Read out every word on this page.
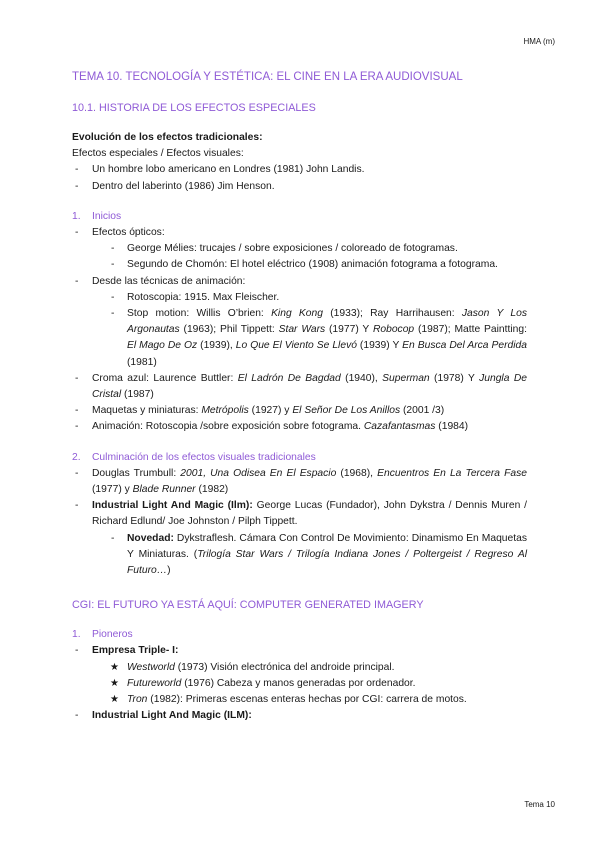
HMA (m)

TEMA 10. TECNOLOGÍA Y ESTÉTICA: EL CINE EN LA ERA AUDIOVISUAL

10.1. HISTORIA DE LOS EFECTOS ESPECIALES

Evolución de los efectos tradicionales:

Efectos especiales / Efectos visuales:

- Un hombre lobo americano en Londres (1981) John Landis.
- Dentro del laberinto (1986) Jim Henson.

1. Inicios

- Efectos ópticos:
- George Mélies: trucajes / sobre exposiciones / coloreado de fotogramas.
- Segundo de Chomón: El hotel eléctrico (1908) animación fotograma a fotograma.
- Desde las técnicas de animación:
- Rotoscopia: 1915. Max Fleischer.
- Stop motion: Willis O’brien: King Kong (1933); Ray Harrihausen: Jason Y Los Argonautas (1963); Phil Tippett: Star Wars (1977) Y Robocop (1987); Matte Paintting: El Mago De Oz (1939), Lo Que El Viento Se Llevó (1939) Y En Busca Del Arca Perdida (1981)
- Croma azul: Laurence Buttler: El Ladrón De Bagdad (1940), Superman (1978) Y Jungla De Cristal (1987)
- Maquetas y miniaturas: Metrópolis (1927) y El Señor De Los Anillos (2001 /3)
- Animación: Rotoscopia /sobre exposición sobre fotograma. Cazafantasmas (1984)

2. Culminación de los efectos visuales tradicionales

- Douglas Trumbull: 2001, Una Odisea En El Espacio (1968), Encuentros En La Tercera Fase (1977) y Blade Runner (1982)
- Industrial Light And Magic (Ilm): George Lucas (Fundador), John Dykstra / Dennis Muren / Richard Edlund/ Joe Johnston / Pilph Tippett.
- Novedad: Dykstraflesh. Cámara Con Control De Movimiento: Dinamismo En Maquetas Y Miniaturas. (Trilogía Star Wars / Trilogía Indiana Jones / Poltergeist / Regreso Al Futuro…)

CGI: EL FUTURO YA ESTÁ AQUÍ: COMPUTER GENERATED IMAGERY

1. Pioneros

- Empresa Triple- I:
★ Westworld (1973) Visión electrónica del androide principal.
★ Futureworld (1976) Cabeza y manos generadas por ordenador.
★ Tron (1982): Primeras escenas enteras hechas por CGI: carrera de motos.
- Industrial Light And Magic (ILM):
Tema 10
